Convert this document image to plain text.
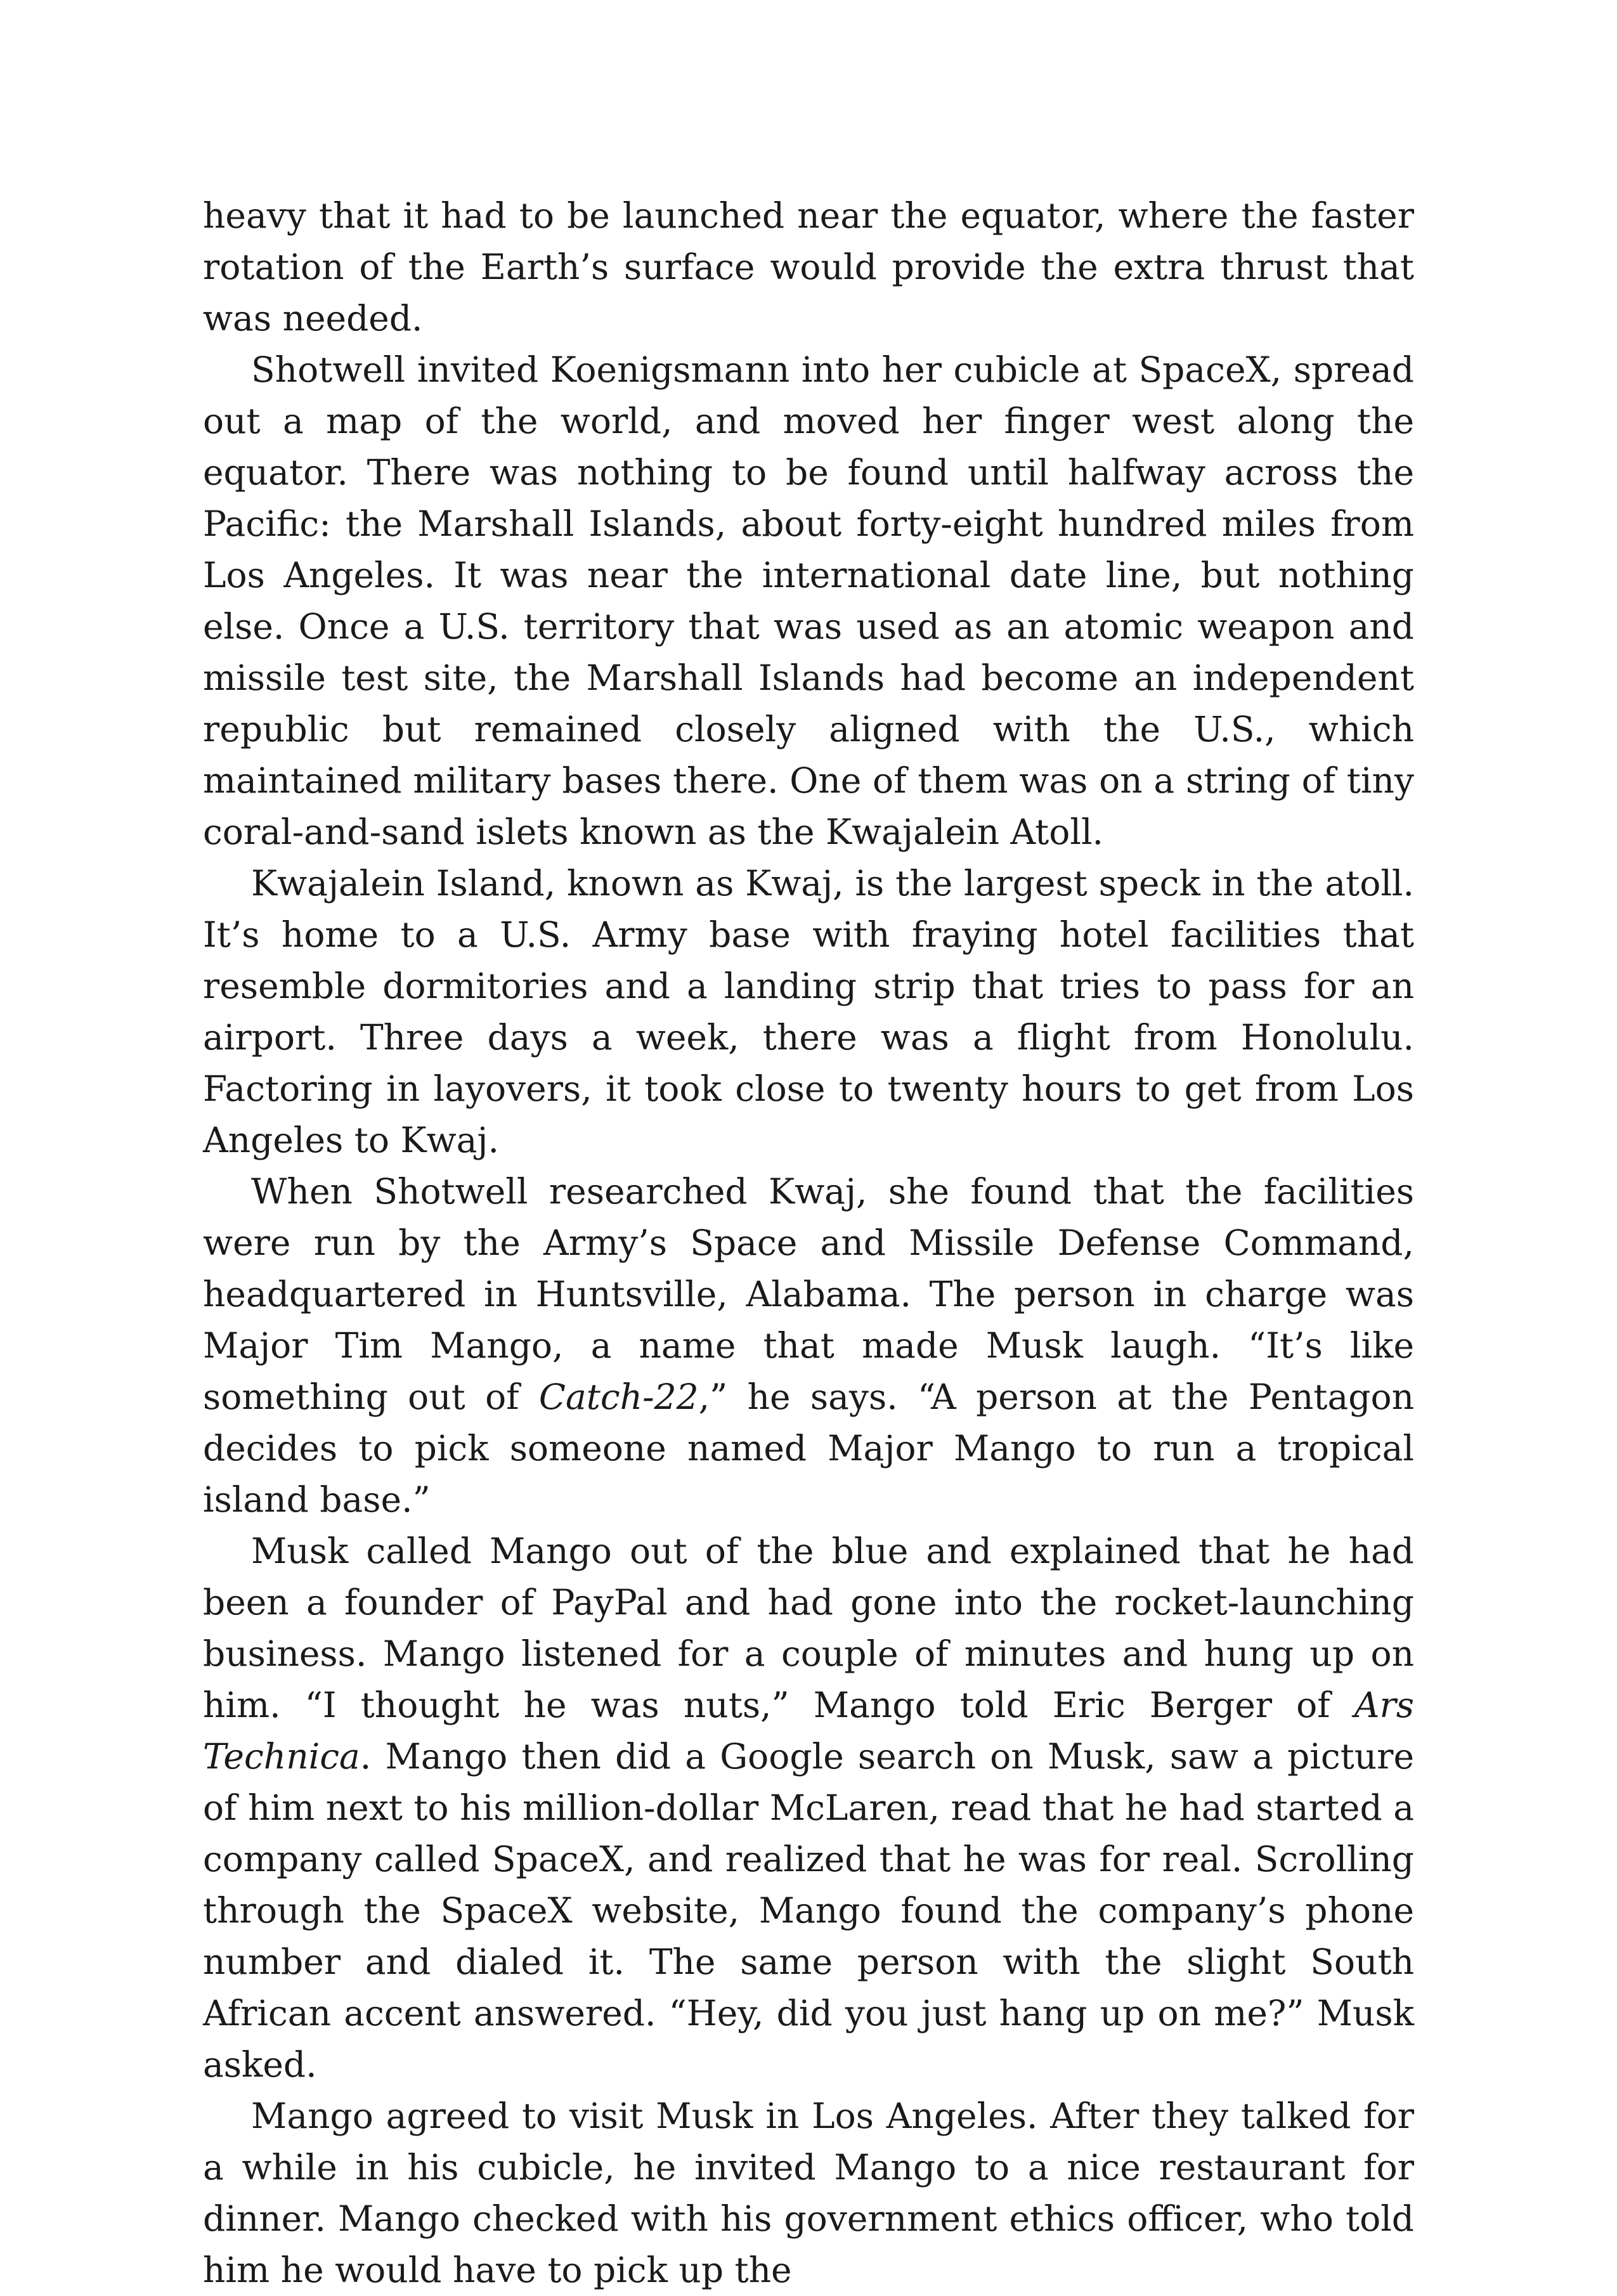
heavy that it had to be launched near the equator, where the faster rotation of the Earth’s surface would provide the extra thrust that was needed.

Shotwell invited Koenigsmann into her cubicle at SpaceX, spread out a map of the world, and moved her finger west along the equator. There was nothing to be found until halfway across the Pacific: the Marshall Islands, about forty-eight hundred miles from Los Angeles. It was near the international date line, but nothing else. Once a U.S. territory that was used as an atomic weapon and missile test site, the Marshall Islands had become an independent republic but remained closely aligned with the U.S., which maintained military bases there. One of them was on a string of tiny coral-and-sand islets known as the Kwajalein Atoll.

Kwajalein Island, known as Kwaj, is the largest speck in the atoll. It’s home to a U.S. Army base with fraying hotel facilities that resemble dormitories and a landing strip that tries to pass for an airport. Three days a week, there was a flight from Honolulu. Factoring in layovers, it took close to twenty hours to get from Los Angeles to Kwaj.

When Shotwell researched Kwaj, she found that the facilities were run by the Army’s Space and Missile Defense Command, headquartered in Huntsville, Alabama. The person in charge was Major Tim Mango, a name that made Musk laugh. “It’s like something out of Catch-22,” he says. “A person at the Pentagon decides to pick someone named Major Mango to run a tropical island base.”

Musk called Mango out of the blue and explained that he had been a founder of PayPal and had gone into the rocket-launching business. Mango listened for a couple of minutes and hung up on him. “I thought he was nuts,” Mango told Eric Berger of Ars Technica. Mango then did a Google search on Musk, saw a picture of him next to his million-dollar McLaren, read that he had started a company called SpaceX, and realized that he was for real. Scrolling through the SpaceX website, Mango found the company’s phone number and dialed it. The same person with the slight South African accent answered. “Hey, did you just hang up on me?” Musk asked.

Mango agreed to visit Musk in Los Angeles. After they talked for a while in his cubicle, he invited Mango to a nice restaurant for dinner. Mango checked with his government ethics officer, who told him he would have to pick up the
